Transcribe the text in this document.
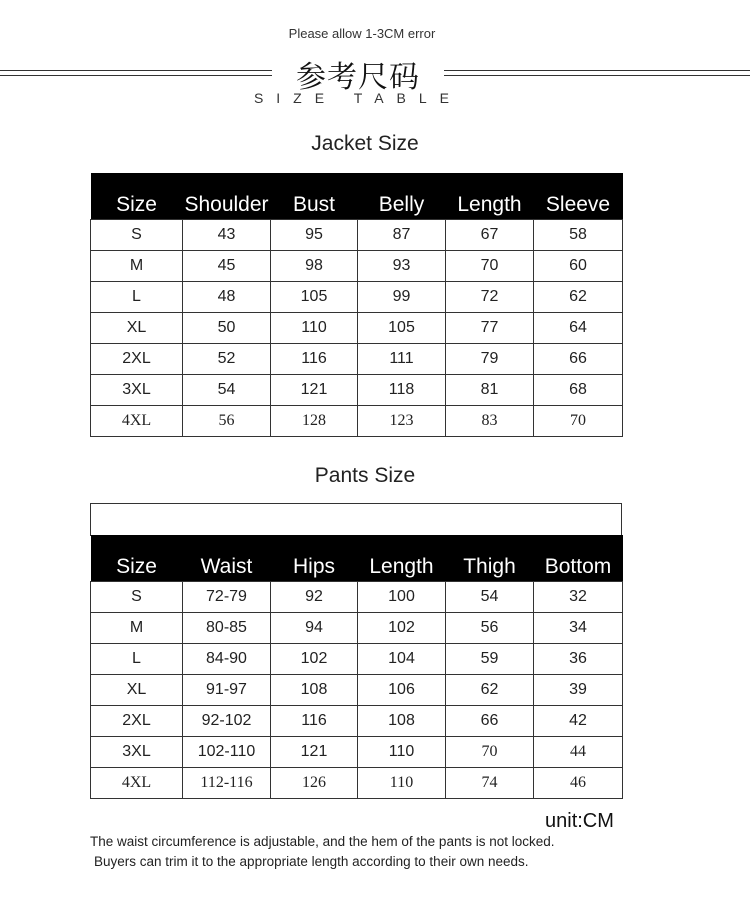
Please allow 1-3CM error
参考尺码
SIZE TABLE
Jacket Size
Size	Shoulder	Bust	Belly	Length	Sleeve
S	43	95	87	67	58
M	45	98	93	70	60
L	48	105	99	72	62
XL	50	110	105	77	64
2XL	52	116	111	79	66
3XL	54	121	118	81	68
4XL	56	128	123	83	70
Pants Size
Size	Waist	Hips	Length	Thigh	Bottom
S	72-79	92	100	54	32
M	80-85	94	102	56	34
L	84-90	102	104	59	36
XL	91-97	108	106	62	39
2XL	92-102	116	108	66	42
3XL	102-110	121	110	70	44
4XL	112-116	126	110	74	46
unit:CM
The waist circumference is adjustable, and the hem of the pants is not locked.
Buyers can trim it to the appropriate length according to their own needs.
